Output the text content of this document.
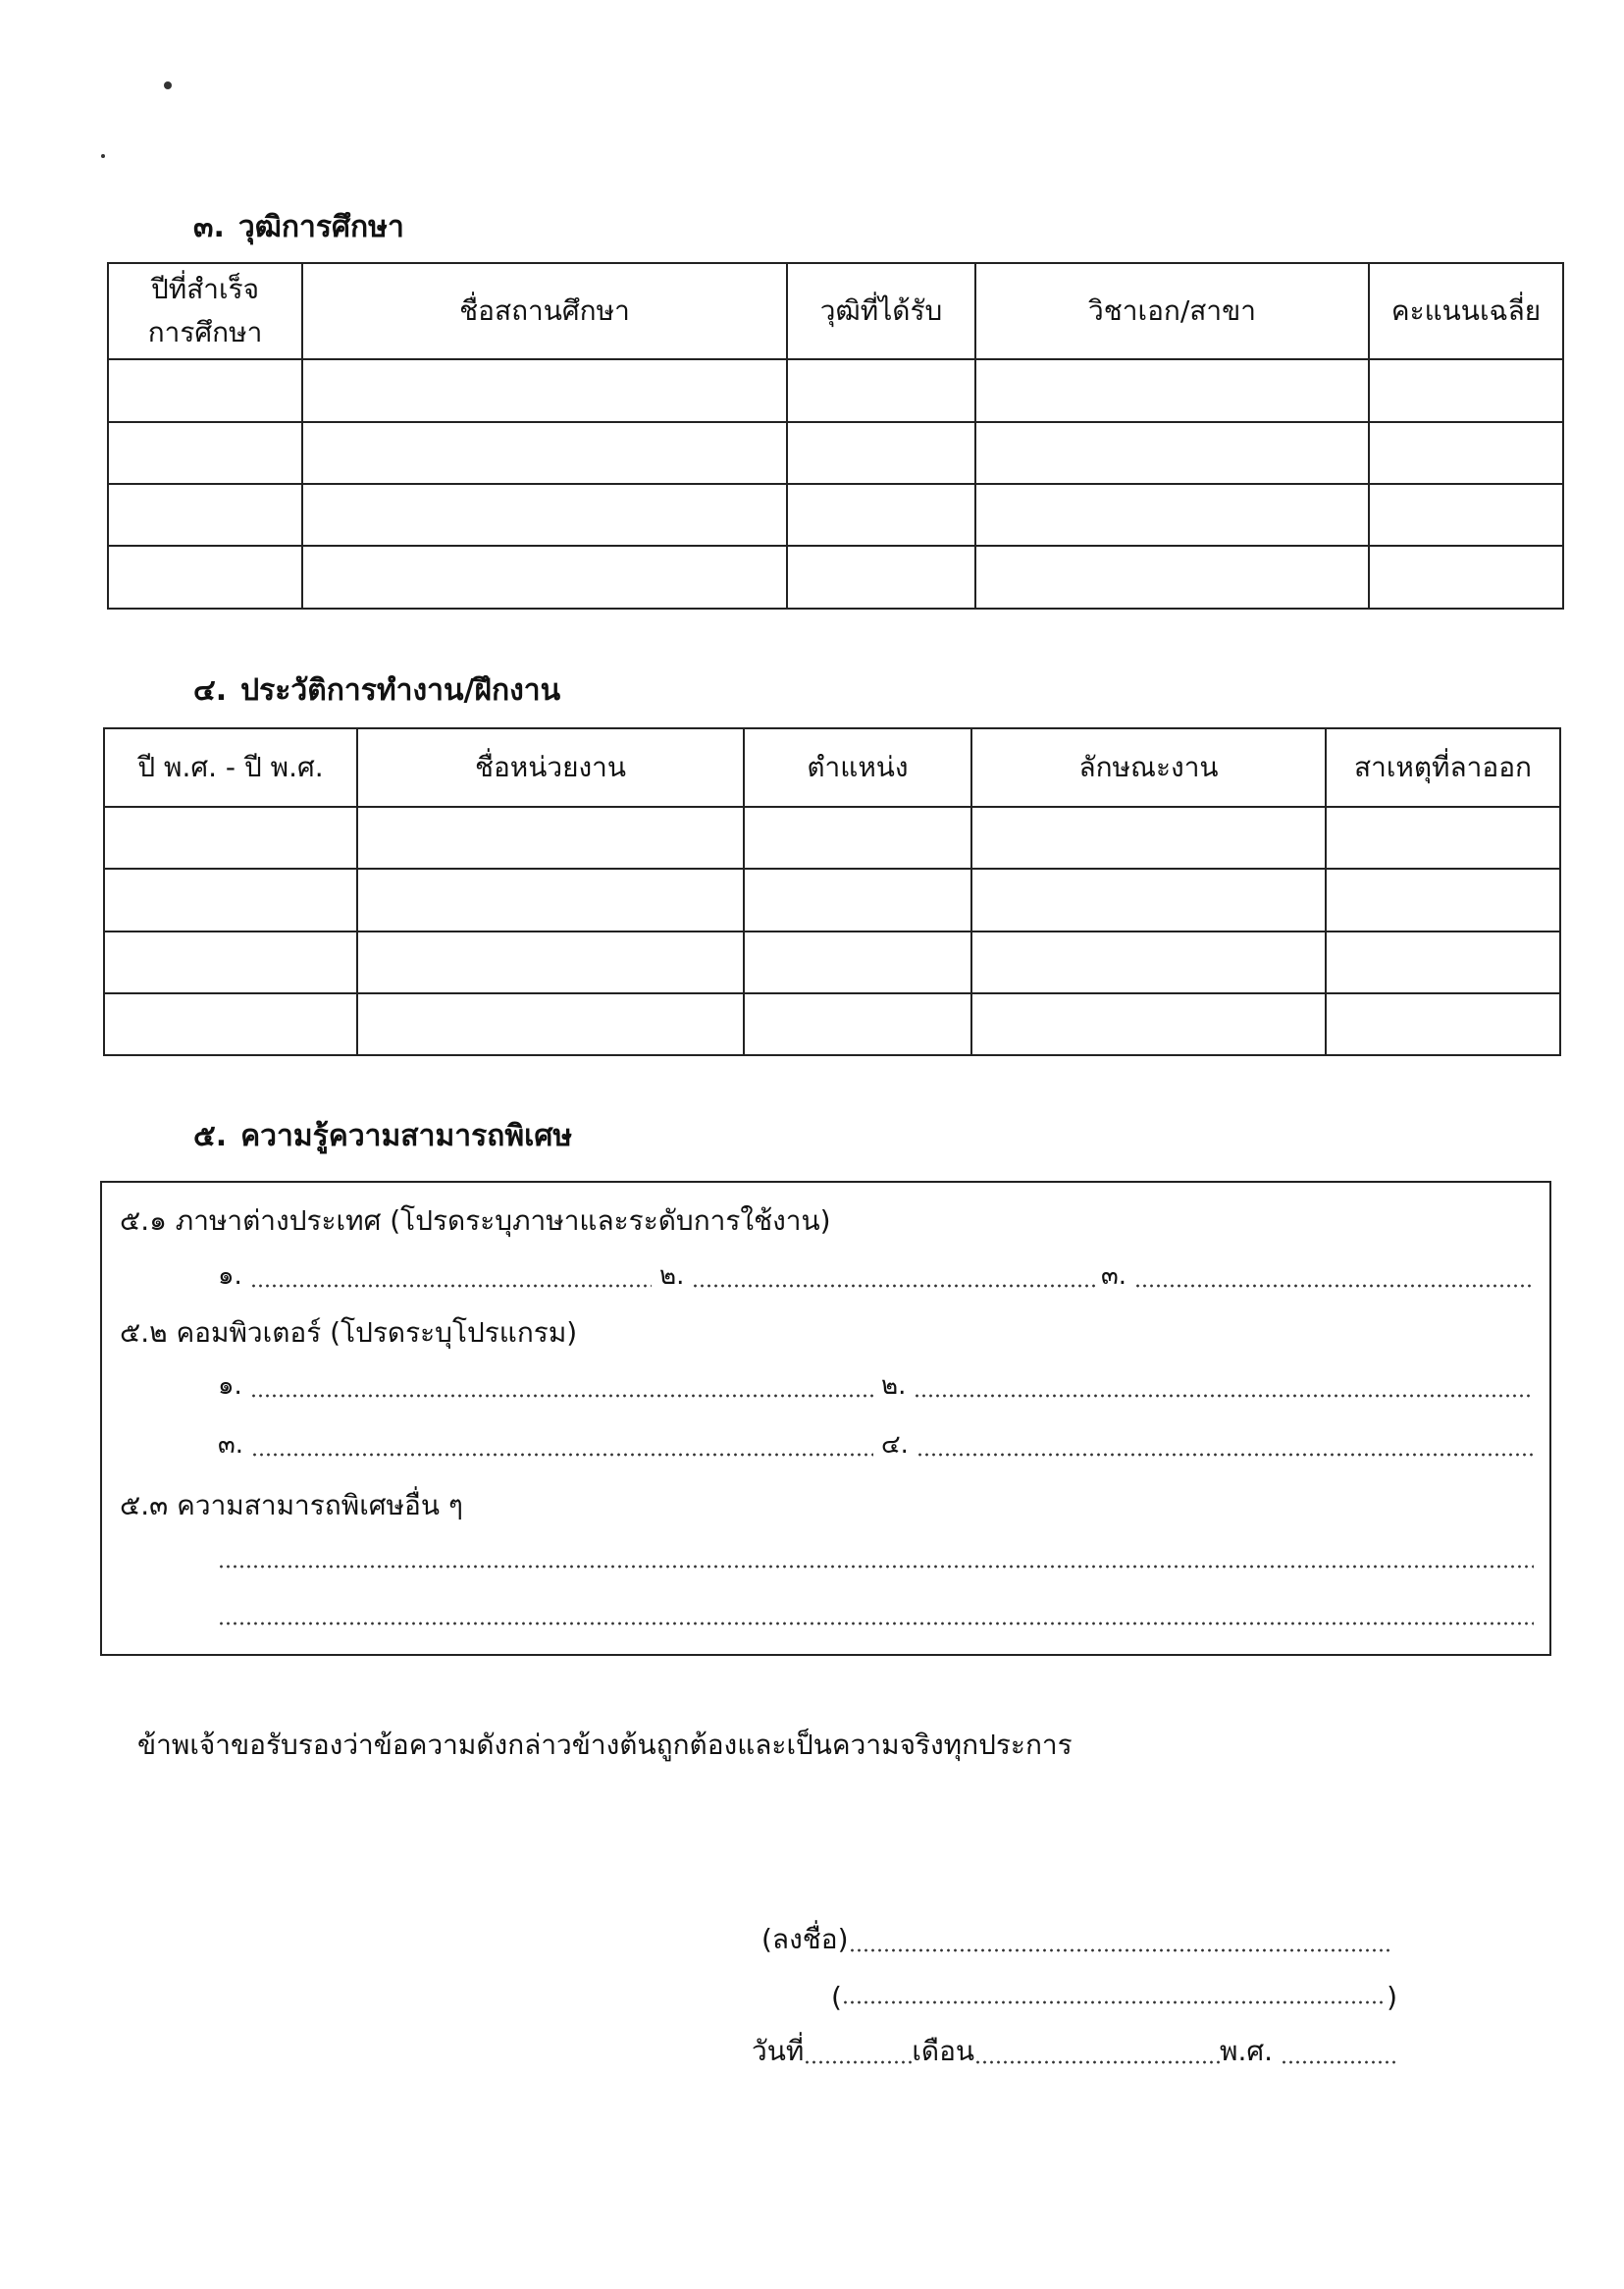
๓. วุฒิการศึกษา
ปีที่สำเร็จ
การศึกษา	ชื่อสถานศึกษา	วุฒิที่ได้รับ	วิชาเอก/สาขา	คะแนนเฉลี่ย

๔. ประวัติการทำงาน/ฝึกงาน
ปี พ.ศ. - ปี พ.ศ.	ชื่อหน่วยงาน	ตำแหน่ง	ลักษณะงาน	สาเหตุที่ลาออก

๕. ความรู้ความสามารถพิเศษ
๕.๑ ภาษาต่างประเทศ (โปรดระบุภาษาและระดับการใช้งาน)
๑.	๒.	๓.
๕.๒ คอมพิวเตอร์ (โปรดระบุโปรแกรม)
๑.	๒.
๓.	๔.
๕.๓ ความสามารถพิเศษอื่น ๆ
ข้าพเจ้าขอรับรองว่าข้อความดังกล่าวข้างต้นถูกต้องและเป็นความจริงทุกประการ
(ลงชื่อ)
(	)
วันที่	เดือน	พ.ศ.
